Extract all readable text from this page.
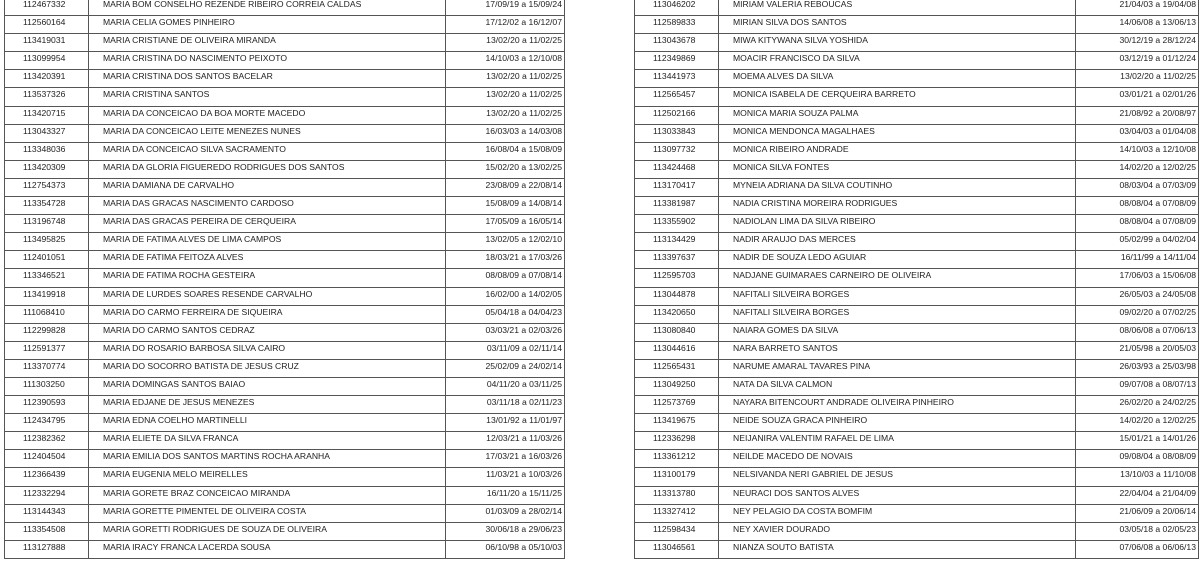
112467332	MARIA BOM CONSELHO REZENDE RIBEIRO CORREIA CALDAS	17/09/19 a 15/09/24

112560164	MARIA CELIA GOMES PINHEIRO	17/12/02 a 16/12/07

113419031	MARIA CRISTIANE DE OLIVEIRA MIRANDA	13/02/20 a 11/02/25

113099954	MARIA CRISTINA DO NASCIMENTO PEIXOTO	14/10/03 a 12/10/08

113420391	MARIA CRISTINA DOS SANTOS BACELAR	13/02/20 a 11/02/25

113537326	MARIA CRISTINA SANTOS	13/02/20 a 11/02/25

113420715	MARIA DA CONCEICAO DA BOA MORTE MACEDO	13/02/20 a 11/02/25

113043327	MARIA DA CONCEICAO LEITE MENEZES NUNES	16/03/03 a 14/03/08

113348036	MARIA DA CONCEICAO SILVA SACRAMENTO	16/08/04 a 15/08/09

113420309	MARIA DA GLORIA FIGUEREDO RODRIGUES DOS SANTOS	15/02/20 a 13/02/25

112754373	MARIA DAMIANA DE CARVALHO	23/08/09 a 22/08/14

113354728	MARIA DAS GRACAS NASCIMENTO CARDOSO	15/08/09 a 14/08/14

113196748	MARIA DAS GRACAS PEREIRA DE CERQUEIRA	17/05/09 a 16/05/14

113495825	MARIA DE FATIMA ALVES DE LIMA CAMPOS	13/02/05 a 12/02/10

112401051	MARIA DE FATIMA FEITOZA ALVES	18/03/21 a 17/03/26

113346521	MARIA DE FATIMA ROCHA GESTEIRA	08/08/09 a 07/08/14

113419918	MARIA DE LURDES SOARES RESENDE CARVALHO	16/02/00 a 14/02/05

111068410	MARIA DO CARMO FERREIRA DE SIQUEIRA	05/04/18 a 04/04/23

112299828	MARIA DO CARMO SANTOS CEDRAZ	03/03/21 a 02/03/26

112591377	MARIA DO ROSARIO BARBOSA SILVA CAIRO	03/11/09 a 02/11/14

113370774	MARIA DO SOCORRO BATISTA DE JESUS CRUZ	25/02/09 a 24/02/14

111303250	MARIA DOMINGAS SANTOS BAIAO	04/11/20 a 03/11/25

112390593	MARIA EDJANE DE JESUS MENEZES	03/11/18 a 02/11/23

112434795	MARIA EDNA COELHO MARTINELLI	13/01/92 a 11/01/97

112382362	MARIA ELIETE DA SILVA FRANCA	12/03/21 a 11/03/26

112404504	MARIA EMILIA DOS SANTOS MARTINS ROCHA ARANHA	17/03/21 a 16/03/26

112366439	MARIA EUGENIA MELO MEIRELLES	11/03/21 a 10/03/26

112332294	MARIA GORETE BRAZ CONCEICAO MIRANDA	16/11/20 a 15/11/25

113144343	MARIA GORETTE PIMENTEL DE OLIVEIRA COSTA	01/03/09 a 28/02/14

113354508	MARIA GORETTI RODRIGUES DE SOUZA DE OLIVEIRA	30/06/18 a 29/06/23

113127888	MARIA IRACY FRANCA LACERDA SOUSA	06/10/98 a 05/10/03
113046202	MIRIAM VALERIA REBOUCAS	21/04/03 a 19/04/08

112589833	MIRIAN SILVA DOS SANTOS	14/06/08 a 13/06/13

113043678	MIWA KITYWANA SILVA YOSHIDA	30/12/19 a 28/12/24

112349869	MOACIR FRANCISCO DA SILVA	03/12/19 a 01/12/24

113441973	MOEMA ALVES DA SILVA	13/02/20 a 11/02/25

112565457	MONICA ISABELA DE CERQUEIRA BARRETO	03/01/21 a 02/01/26

112502166	MONICA MARIA SOUZA PALMA	21/08/92 a 20/08/97

113033843	MONICA MENDONCA MAGALHAES	03/04/03 a 01/04/08

113097732	MONICA RIBEIRO ANDRADE	14/10/03 a 12/10/08

113424468	MONICA SILVA FONTES	14/02/20 a 12/02/25

113170417	MYNEIA ADRIANA DA SILVA COUTINHO	08/03/04 a 07/03/09

113381987	NADIA CRISTINA MOREIRA RODRIGUES	08/08/04 a 07/08/09

113355902	NADIOLAN LIMA DA SILVA RIBEIRO	08/08/04 a 07/08/09

113134429	NADIR ARAUJO DAS MERCES	05/02/99 a 04/02/04

113397637	NADIR DE SOUZA LEDO AGUIAR	16/11/99 a 14/11/04

112595703	NADJANE GUIMARAES CARNEIRO DE OLIVEIRA	17/06/03 a 15/06/08

113044878	NAFITALI SILVEIRA BORGES	26/05/03 a 24/05/08

113420650	NAFITALI SILVEIRA BORGES	09/02/20 a 07/02/25

113080840	NAIARA GOMES DA SILVA	08/06/08 a 07/06/13

113044616	NARA BARRETO SANTOS	21/05/98 a 20/05/03

112565431	NARUME AMARAL TAVARES PINA	26/03/93 a 25/03/98

113049250	NATA DA SILVA CALMON	09/07/08 a 08/07/13

112573769	NAYARA BITENCOURT ANDRADE OLIVEIRA PINHEIRO	26/02/20 a 24/02/25

113419675	NEIDE SOUZA GRACA PINHEIRO	14/02/20 a 12/02/25

112336298	NEIJANIRA VALENTIM RAFAEL DE LIMA	15/01/21 a 14/01/26

113361212	NEILDE MACEDO DE NOVAIS	09/08/04 a 08/08/09

113100179	NELSIVANDA NERI GABRIEL DE JESUS	13/10/03 a 11/10/08

113313780	NEURACI DOS SANTOS ALVES	22/04/04 a 21/04/09

113327412	NEY PELAGIO DA COSTA BOMFIM	21/06/09 a 20/06/14

112598434	NEY XAVIER DOURADO	03/05/18 a 02/05/23

113046561	NIANZA SOUTO BATISTA	07/06/08 a 06/06/13
